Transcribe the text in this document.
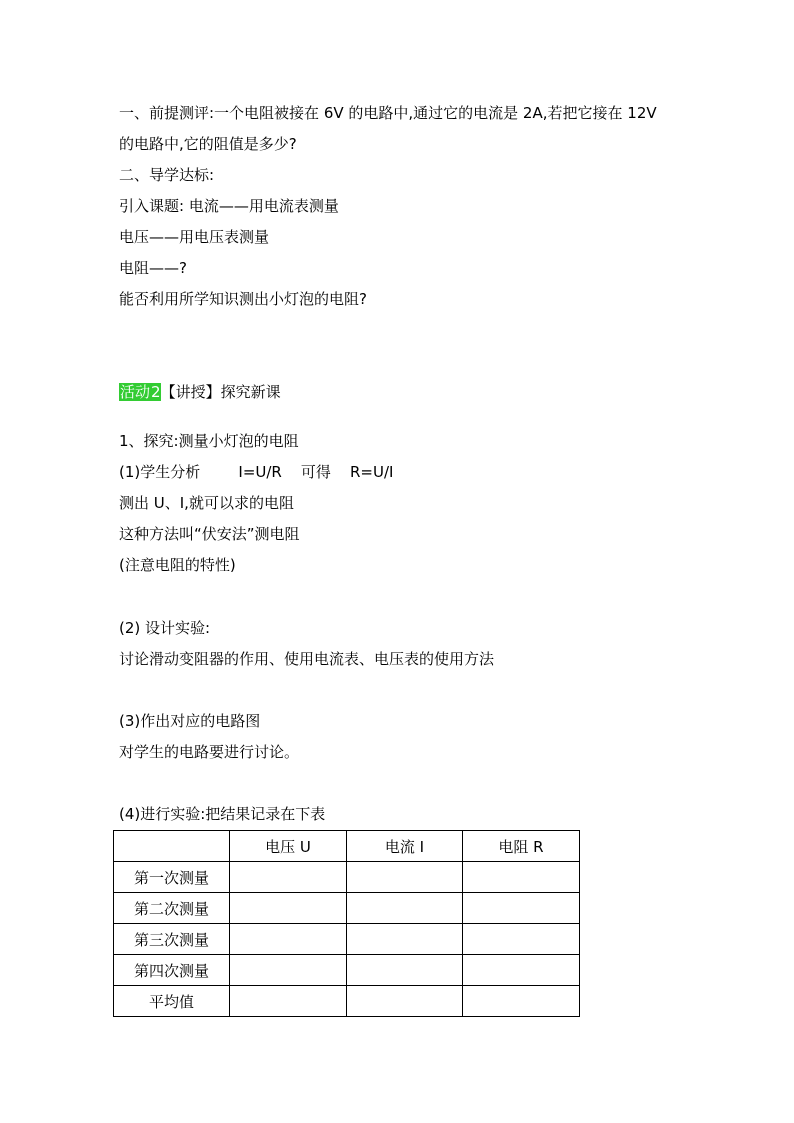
一、前提测评:一个电阻被接在 6V 的电路中,通过它的电流是 2A,若把它接在 12V
的电路中,它的阻值是多少?
二、导学达标:
引入课题: 电流——用电流表测量
电压——用电压表测量
电阻——?
能否利用所学知识测出小灯泡的电阻?
活动2【讲授】探究新课
1、探究:测量小灯泡的电阻
(1)学生分析        I=U/R    可得    R=U/I
测出 U、I,就可以求的电阻
这种方法叫“伏安法”测电阻
(注意电阻的特性)
(2) 设计实验:
讨论滑动变阻器的作用、使用电流表、电压表的使用方法
(3)作出对应的电路图
对学生的电路要进行讨论。
(4)进行实验:把结果记录在下表
	电压 U	电流 I	电阻 R
第一次测量			
第二次测量			
第三次测量			
第四次测量			
平均值			
